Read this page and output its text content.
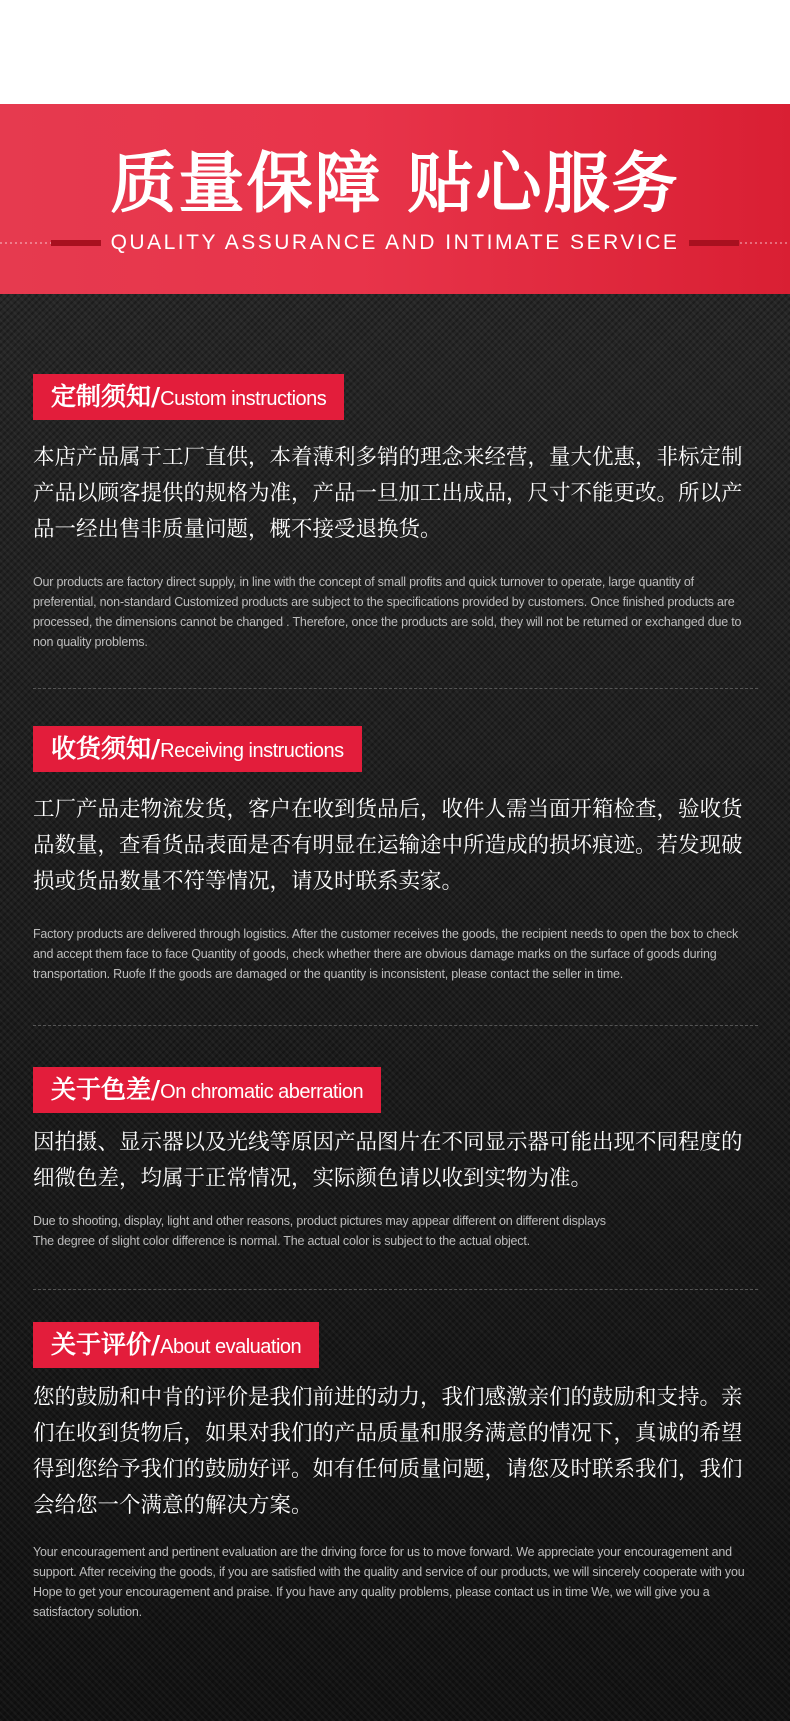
质量保障 贴心服务
QUALITY ASSURANCE AND INTIMATE SERVICE
定制须知/Custom instructions

本店产品属于工厂直供，本着薄利多销的理念来经营，量大优惠，非标定制产品以顾客提供的规格为准，产品一旦加工出成品，尺寸不能更改。所以产品一经出售非质量问题，概不接受退换货。

Our products are factory direct supply, in line with the concept of small profits and quick turnover to operate, large quantity of preferential, non-standard Customized products are subject to the specifications provided by customers. Once finished products are processed, the dimensions cannot be changed . Therefore, once the products are sold, they will not be returned or exchanged due to non quality problems.

收货须知/Receiving instructions

工厂产品走物流发货，客户在收到货品后，收件人需当面开箱检查，验收货品数量，查看货品表面是否有明显在运输途中所造成的损坏痕迹。若发现破损或货品数量不符等情况，请及时联系卖家。

Factory products are delivered through logistics. After the customer receives the goods, the recipient needs to open the box to check and accept them face to face Quantity of goods, check whether there are obvious damage marks on the surface of goods during transportation. Ruofe If the goods are damaged or the quantity is inconsistent, please contact the seller in time.

关于色差/On chromatic aberration

因拍摄、显示器以及光线等原因产品图片在不同显示器可能出现不同程度的细微色差，均属于正常情况，实际颜色请以收到实物为准。

Due to shooting, display, light and other reasons, product pictures may appear different on different displays

The degree of slight color difference is normal. The actual color is subject to the actual object.

关于评价/About evaluation

您的鼓励和中肯的评价是我们前进的动力，我们感激亲们的鼓励和支持。亲们在收到货物后，如果对我们的产品质量和服务满意的情况下，真诚的希望得到您给予我们的鼓励好评。如有任何质量问题，请您及时联系我们，我们会给您一个满意的解决方案。

Your encouragement and pertinent evaluation are the driving force for us to move forward. We appreciate your encouragement and support. After receiving the goods, if you are satisfied with the quality and service of our products, we will sincerely cooperate with you Hope to get your encouragement and praise. If you have any quality problems, please contact us in time We, we will give you a satisfactory solution.
